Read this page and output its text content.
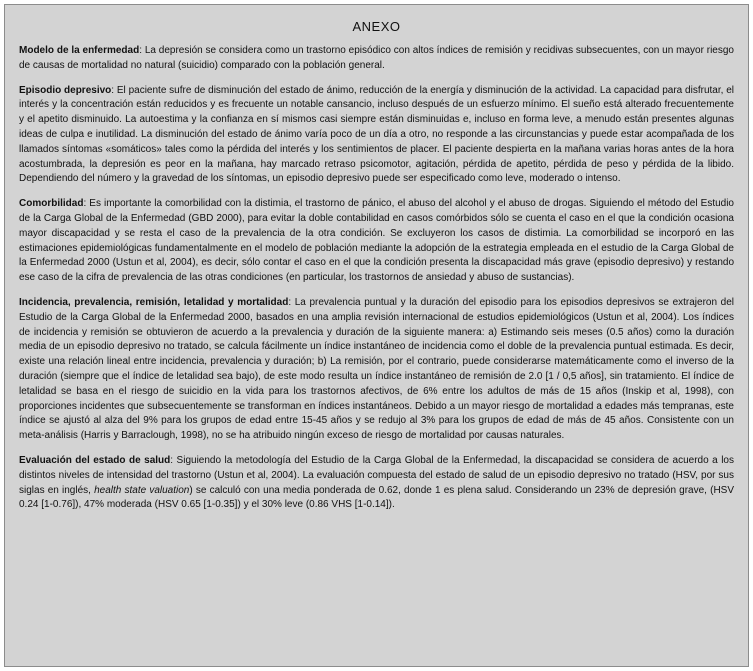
ANEXO

Modelo de la enfermedad: La depresión se considera como un trastorno episódico con altos índices de remisión y recidivas subsecuentes, con un mayor riesgo de causas de mortalidad no natural (suicidio) comparado con la población general.

Episodio depresivo: El paciente sufre de disminución del estado de ánimo, reducción de la energía y disminución de la actividad. La capacidad para disfrutar, el interés y la concentración están reducidos y es frecuente un notable cansancio, incluso después de un esfuerzo mínimo. El sueño está alterado frecuentemente y el apetito disminuido. La autoestima y la confianza en sí mismos casi siempre están disminuidas e, incluso en forma leve, a menudo están presentes algunas ideas de culpa e inutilidad. La disminución del estado de ánimo varía poco de un día a otro, no responde a las circunstancias y puede estar acompañada de los llamados síntomas «somáticos» tales como la pérdida del interés y los sentimientos de placer. El paciente despierta en la mañana varias horas antes de la hora acostumbrada, la depresión es peor en la mañana, hay marcado retraso psicomotor, agitación, pérdida de apetito, pérdida de peso y pérdida de la libido. Dependiendo del número y la gravedad de los síntomas, un episodio depresivo puede ser especificado como leve, moderado o intenso.

Comorbilidad: Es importante la comorbilidad con la distimia, el trastorno de pánico, el abuso del alcohol y el abuso de drogas. Siguiendo el método del Estudio de la Carga Global de la Enfermedad (GBD 2000), para evitar la doble contabilidad en casos comórbidos sólo se cuenta el caso en el que la condición ocasiona mayor discapacidad y se resta el caso de la prevalencia de la otra condición. Se excluyeron los casos de distimia. La comorbilidad se incorporó en las estimaciones epidemiológicas fundamentalmente en el modelo de población mediante la adopción de la estrategia empleada en el estudio de la Carga Global de la Enfermedad 2000 (Ustun et al, 2004), es decir, sólo contar el caso en el que la condición presenta la discapacidad más grave (episodio depresivo) y restando ese caso de la cifra de prevalencia de las otras condiciones (en particular, los trastornos de ansiedad y abuso de sustancias).

Incidencia, prevalencia, remisión, letalidad y mortalidad: La prevalencia puntual y la duración del episodio para los episodios depresivos se extrajeron del Estudio de la Carga Global de la Enfermedad 2000, basados en una amplia revisión internacional de estudios epidemiológicos (Ustun et al, 2004). Los índices de incidencia y remisión se obtuvieron de acuerdo a la prevalencia y duración de la siguiente manera: a) Estimando seis meses (0.5 años) como la duración media de un episodio depresivo no tratado, se calcula fácilmente un índice instantáneo de incidencia como el doble de la prevalencia puntual estimada. Es decir, existe una relación lineal entre incidencia, prevalencia y duración; b) La remisión, por el contrario, puede considerarse matemáticamente como el inverso de la duración (siempre que el índice de letalidad sea bajo), de este modo resulta un índice instantáneo de remisión de 2.0 [1 / 0,5 años], sin tratamiento. El índice de letalidad se basa en el riesgo de suicidio en la vida para los trastornos afectivos, de 6% entre los adultos de más de 15 años (Inskip et al, 1998), con proporciones incidentes que subsecuentemente se transforman en índices instantáneos. Debido a un mayor riesgo de mortalidad a edades más tempranas, este índice se ajustó al alza del 9% para los grupos de edad entre 15-45 años y se redujo al 3% para los grupos de edad de más de 45 años. Consistente con un meta-análisis (Harris y Barraclough, 1998), no se ha atribuido ningún exceso de riesgo de mortalidad por causas naturales.

Evaluación del estado de salud: Siguiendo la metodología del Estudio de la Carga Global de la Enfermedad, la discapacidad se considera de acuerdo a los distintos niveles de intensidad del trastorno (Ustun et al, 2004). La evaluación compuesta del estado de salud de un episodio depresivo no tratado (HSV, por sus siglas en inglés, health state valuation) se calculó con una media ponderada de 0.62, donde 1 es plena salud. Considerando un 23% de depresión grave, (HSV 0.24 [1-0.76]), 47% moderada (HSV 0.65 [1-0.35]) y el 30% leve (0.86 VHS [1-0.14]).
